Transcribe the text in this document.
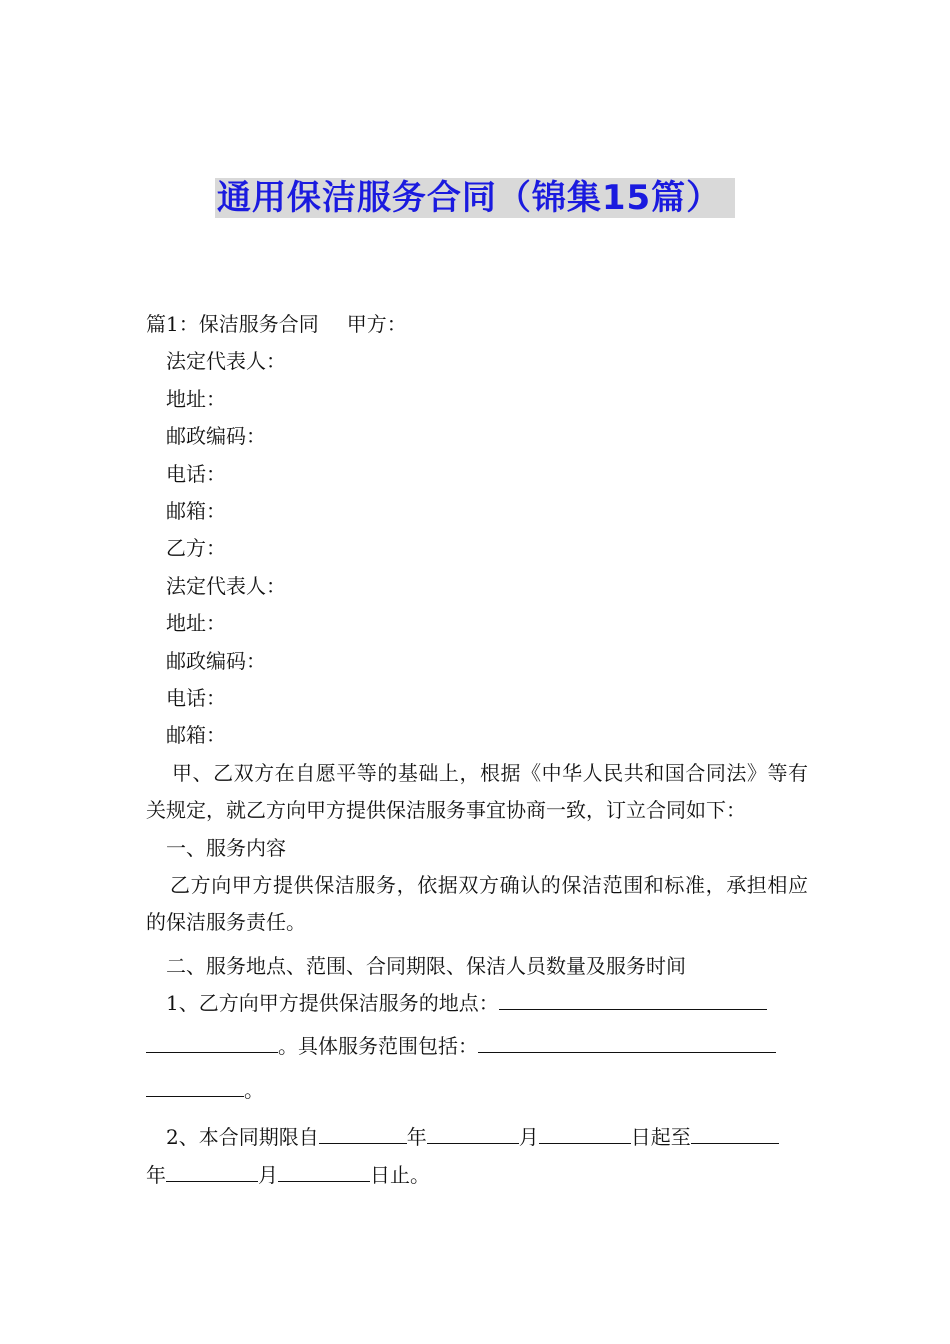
通用保洁服务合同（锦集15篇）
篇1：保洁服务合同 甲方：
法定代表人：
地址：
邮政编码：
电话：
邮箱：
乙方：
法定代表人：
地址：
邮政编码：
电话：
邮箱：
甲、乙双方在自愿平等的基础上，根据《中华人民共和国合同法》等有关规定，就乙方向甲方提供保洁服务事宜协商一致，订立合同如下：
一、服务内容
乙方向甲方提供保洁服务，依据双方确认的保洁范围和标准，承担相应的保洁服务责任。
二、服务地点、范围、合同期限、保洁人员数量及服务时间
1、乙方向甲方提供保洁服务的地点：
。具体服务范围包括：
。
2、本合同期限自	年	月	日起至
年	月	日止。
